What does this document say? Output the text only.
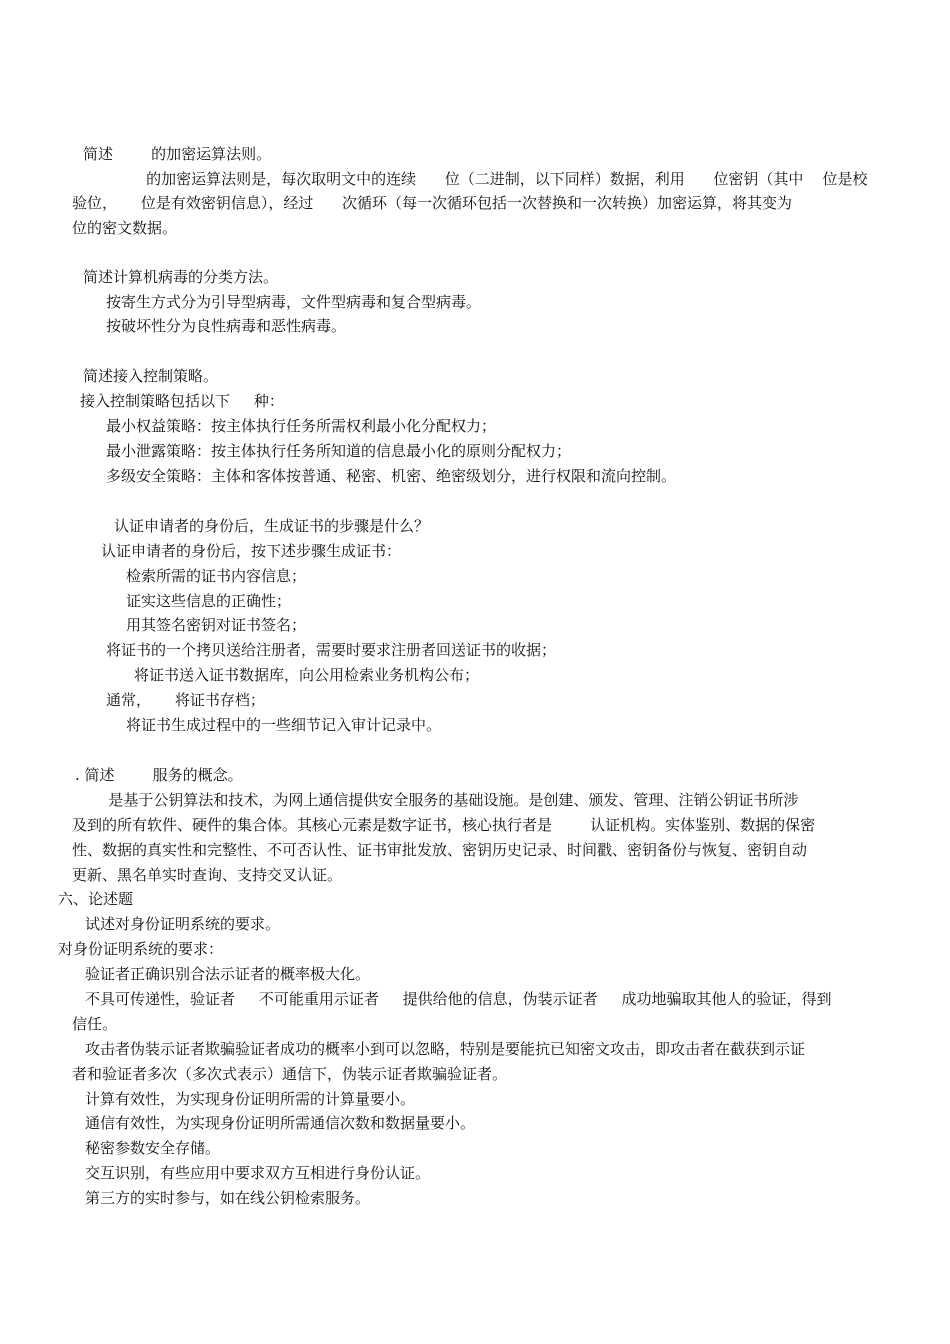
简述        的加密运算法则。
的加密运算法则是，每次取明文中的连续      位（二进制，以下同样）数据，利用      位密钥（其中    位是校
验位，     位是有效密钥信息），经过      次循环（每一次循环包括一次替换和一次转换）加密运算，将其变为
位的密文数据。
简述计算机病毒的分类方法。
按寄生方式分为引导型病毒，文件型病毒和复合型病毒。
按破坏性分为良性病毒和恶性病毒。
简述接入控制策略。
接入控制策略包括以下     种：
最小权益策略：按主体执行任务所需权利最小化分配权力；
最小泄露策略：按主体执行任务所知道的信息最小化的原则分配权力；
多级安全策略：主体和客体按普通、秘密、机密、绝密级划分，进行权限和流向控制。
认证申请者的身份后，生成证书的步骤是什么？
认证申请者的身份后，按下述步骤生成证书：
检索所需的证书内容信息；
证实这些信息的正确性；
用其签名密钥对证书签名；
将证书的一个拷贝送给注册者，需要时要求注册者回送证书的收据；
将证书送入证书数据库，向公用检索业务机构公布；
通常，     将证书存档；
将证书生成过程中的一些细节记入审计记录中。
. 简述        服务的概念。
是基于公钥算法和技术，为网上通信提供安全服务的基础设施。是创建、颁发、管理、注销公钥证书所涉
及到的所有软件、硬件的集合体。其核心元素是数字证书，核心执行者是        认证机构。实体鉴别、数据的保密
性、数据的真实性和完整性、不可否认性、证书审批发放、密钥历史记录、时间戳、密钥备份与恢复、密钥自动
更新、黑名单实时查询、支持交叉认证。
六、论述题
试述对身份证明系统的要求。
对身份证明系统的要求：
验证者正确识别合法示证者的概率极大化。
不具可传递性，验证者     不可能重用示证者     提供给他的信息，伪装示证者     成功地骗取其他人的验证，得到
信任。
攻击者伪装示证者欺骗验证者成功的概率小到可以忽略，特别是要能抗已知密文攻击，即攻击者在截获到示证
者和验证者多次（多次式表示）通信下，伪装示证者欺骗验证者。
计算有效性，为实现身份证明所需的计算量要小。
通信有效性，为实现身份证明所需通信次数和数据量要小。
秘密参数安全存储。
交互识别，有些应用中要求双方互相进行身份认证。
第三方的实时参与，如在线公钥检索服务。
